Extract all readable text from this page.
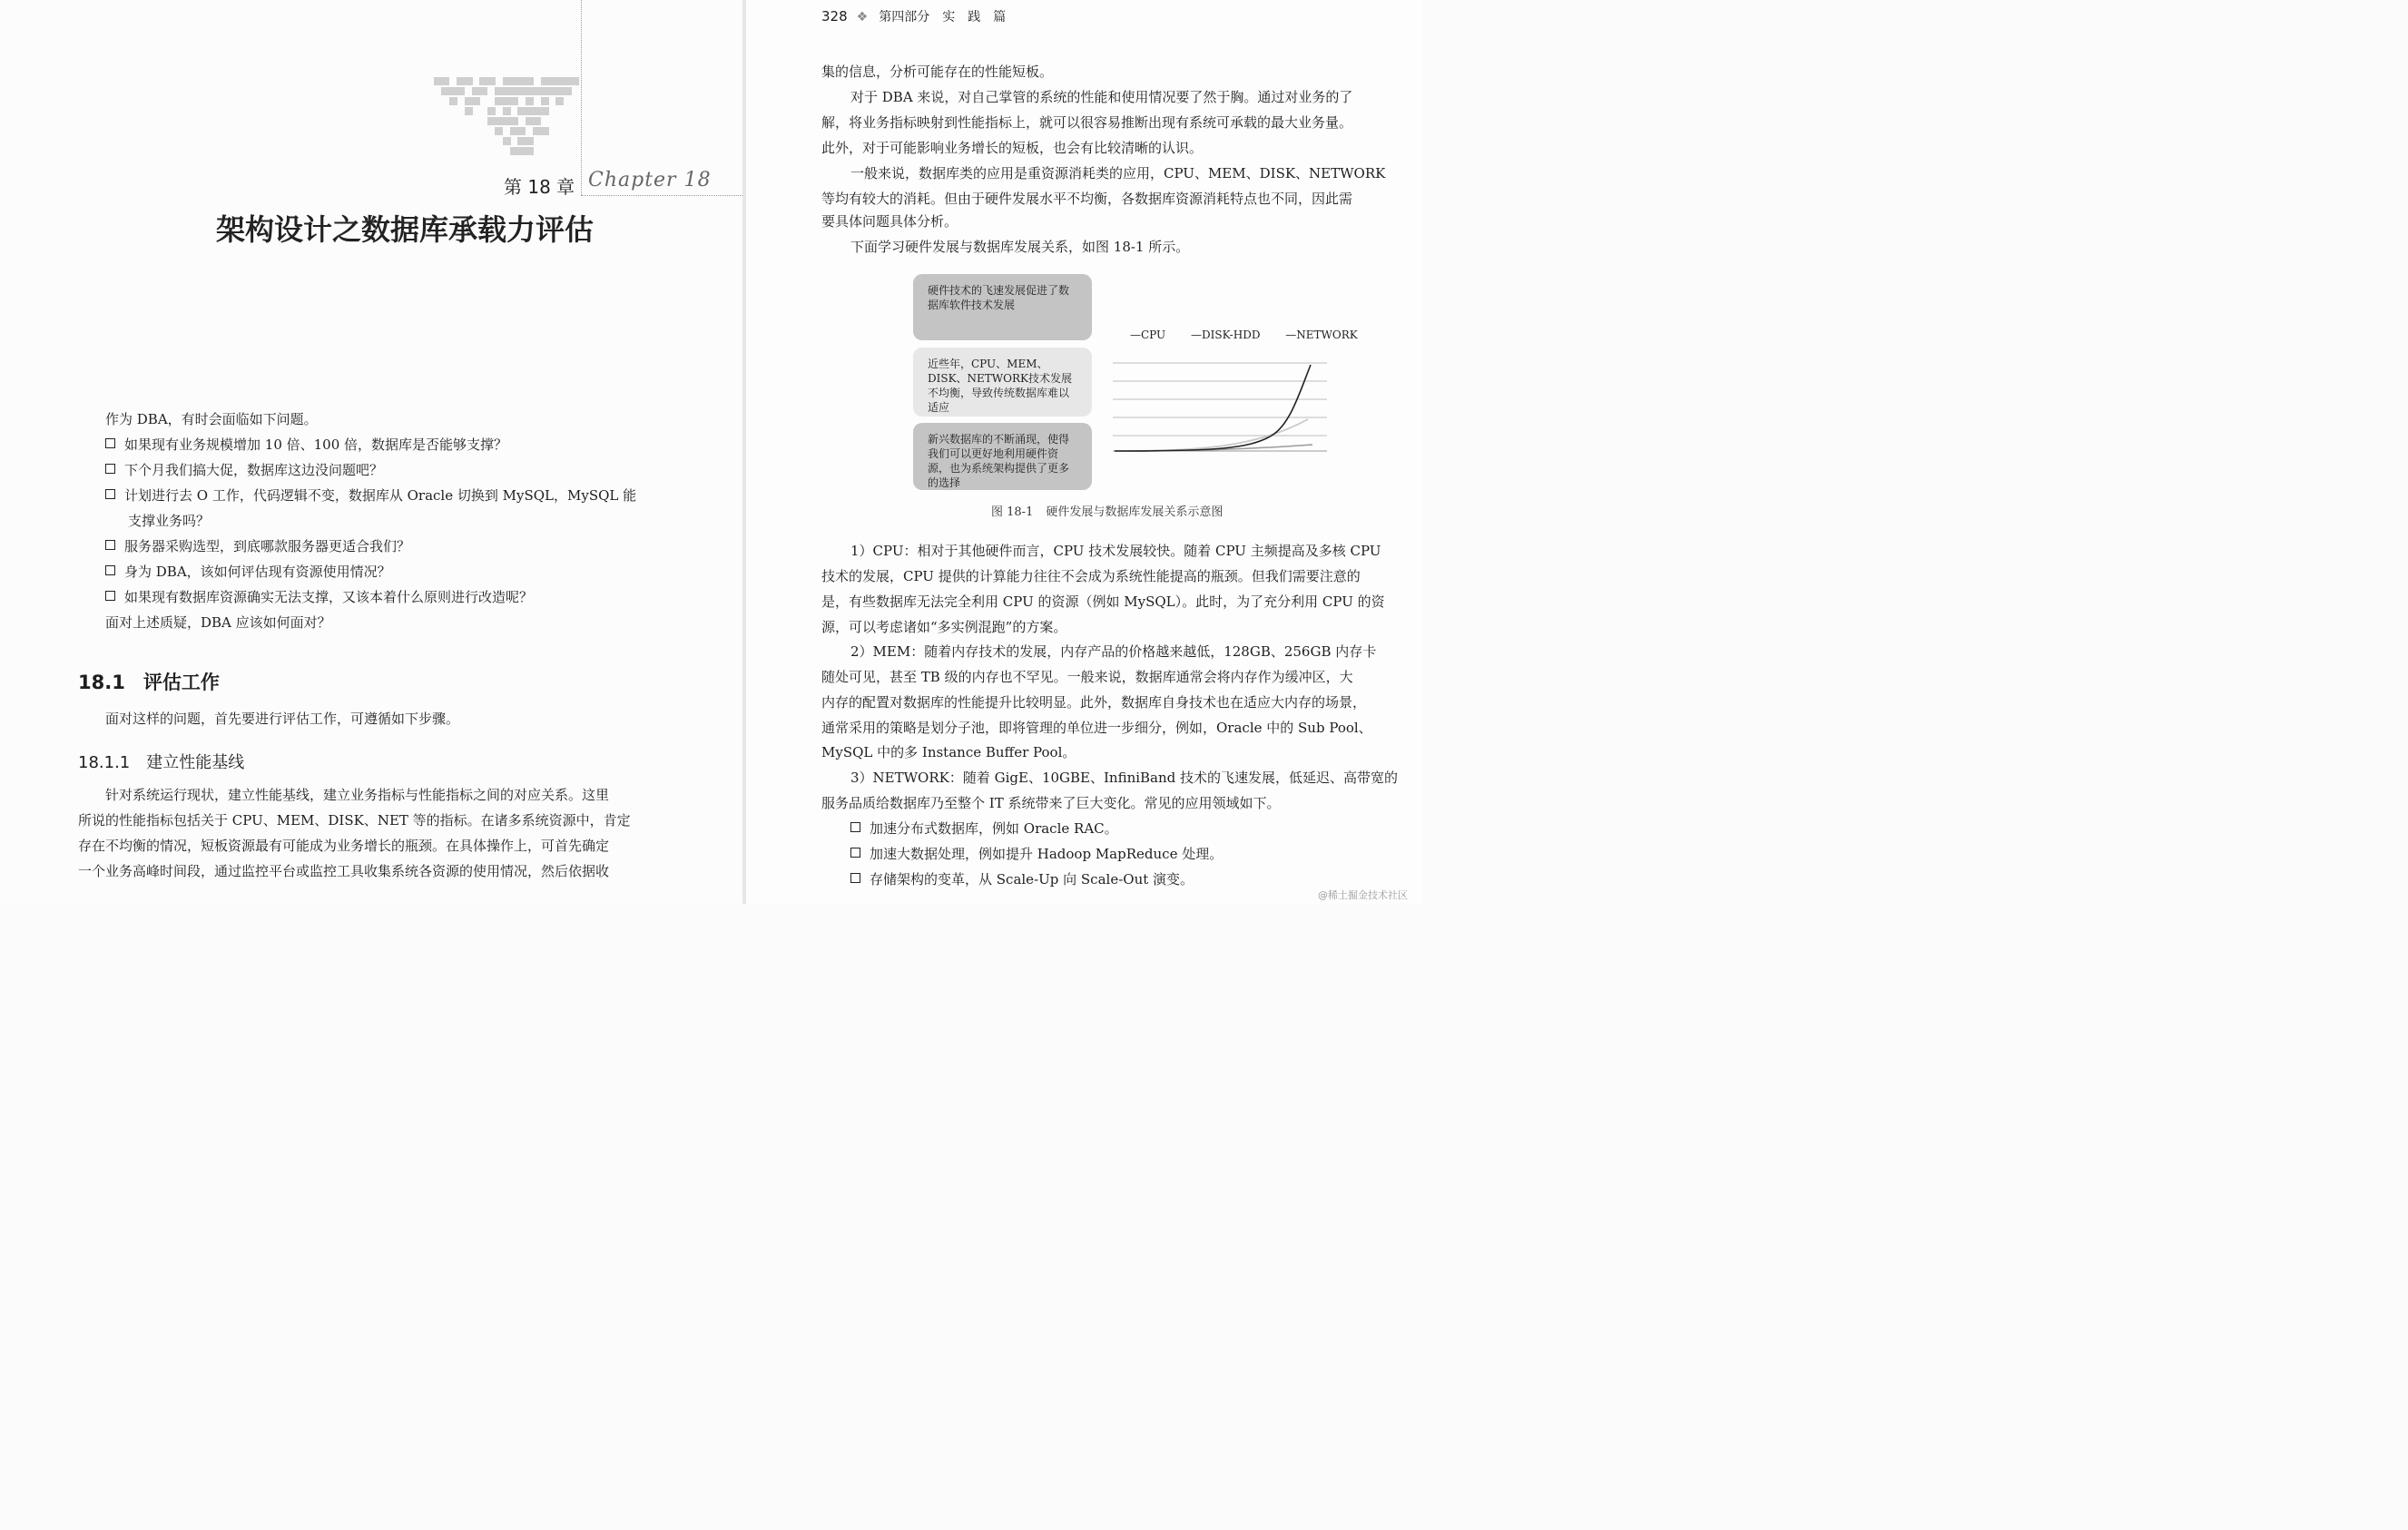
第 18 章 Chapter 18
架构设计之数据库承载力评估
作为 DBA，有时会面临如下问题。
如果现有业务规模增加 10 倍、100 倍，数据库是否能够支撑？
下个月我们搞大促，数据库这边没问题吧？
计划进行去 O 工作，代码逻辑不变，数据库从 Oracle 切换到 MySQL，MySQL 能
支撑业务吗？
服务器采购选型，到底哪款服务器更适合我们？
身为 DBA，该如何评估现有资源使用情况？
如果现有数据库资源确实无法支撑，又该本着什么原则进行改造呢？
面对上述质疑，DBA 应该如何面对？
18.1 评估工作
面对这样的问题，首先要进行评估工作，可遵循如下步骤。
18.1.1 建立性能基线
针对系统运行现状，建立性能基线，建立业务指标与性能指标之间的对应关系。这里
所说的性能指标包括关于 CPU、MEM、DISK、NET 等的指标。在诸多系统资源中，肯定
存在不均衡的情况，短板资源最有可能成为业务增长的瓶颈。在具体操作上，可首先确定
一个业务高峰时间段，通过监控平台或监控工具收集系统各资源的使用情况，然后依据收
328 ❖ 第四部分　实　践　篇
集的信息，分析可能存在的性能短板。
对于 DBA 来说，对自己掌管的系统的性能和使用情况要了然于胸。通过对业务的了
解，将业务指标映射到性能指标上，就可以很容易推断出现有系统可承载的最大业务量。
此外，对于可能影响业务增长的短板，也会有比较清晰的认识。
一般来说，数据库类的应用是重资源消耗类的应用，CPU、MEM、DISK、NETWORK
等均有较大的消耗。但由于硬件发展水平不均衡，各数据库资源消耗特点也不同，因此需
要具体问题具体分析。
下面学习硬件发展与数据库发展关系，如图 18-1 所示。
硬件技术的飞速发展促进了数据库软件技术发展
近些年，CPU、MEM、DISK、NETWORK技术发展不均衡，导致传统数据库难以适应
新兴数据库的不断涌现，使得我们可以更好地利用硬件资源，也为系统架构提供了更多的选择
—CPU —DISK-HDD —NETWORK
图 18-1 硬件发展与数据库发展关系示意图
1）CPU：相对于其他硬件而言，CPU 技术发展较快。随着 CPU 主频提高及多核 CPU
技术的发展，CPU 提供的计算能力往往不会成为系统性能提高的瓶颈。但我们需要注意的
是，有些数据库无法完全利用 CPU 的资源（例如 MySQL）。此时，为了充分利用 CPU 的资
源，可以考虑诸如“多实例混跑”的方案。
2）MEM：随着内存技术的发展，内存产品的价格越来越低，128GB、256GB 内存卡
随处可见，甚至 TB 级的内存也不罕见。一般来说，数据库通常会将内存作为缓冲区，大
内存的配置对数据库的性能提升比较明显。此外，数据库自身技术也在适应大内存的场景，
通常采用的策略是划分子池，即将管理的单位进一步细分，例如，Oracle 中的 Sub Pool、
MySQL 中的多 Instance Buffer Pool。
3）NETWORK：随着 GigE、10GBE、InfiniBand 技术的飞速发展，低延迟、高带宽的
服务品质给数据库乃至整个 IT 系统带来了巨大变化。常见的应用领域如下。
加速分布式数据库，例如 Oracle RAC。
加速大数据处理，例如提升 Hadoop MapReduce 处理。
存储架构的变革，从 Scale-Up 向 Scale-Out 演变。
@稀土掘金技术社区
